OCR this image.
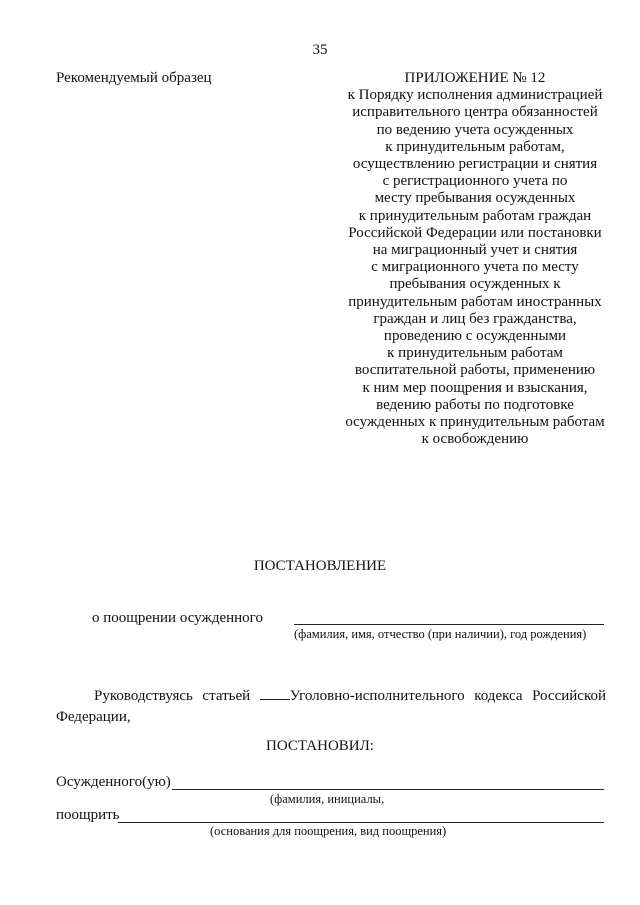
35
Рекомендуемый образец	ПРИЛОЖЕНИЕ № 12
к Порядку исполнения администрацией
исправительного центра обязанностей
по ведению учета осужденных
к принудительным работам,
осуществлению регистрации и снятия
с регистрационного учета по
месту пребывания осужденных
к принудительным работам граждан
Российской Федерации или постановки
на миграционный учет и снятия
с миграционного учета по месту
пребывания осужденных к
принудительным работам иностранных
граждан и лиц без гражданства,
проведению с осужденными
к принудительным работам
воспитательной работы, применению
к ним мер поощрения и взыскания,
ведению работы по подготовке
осужденных к принудительным работам
к освобождению
ПОСТАНОВЛЕНИЕ
о поощрении осужденного
(фамилия, имя, отчество (при наличии), год рождения)
Руководствуясь статьей	Уголовно-исполнительного кодекса Российской Федерации,
ПОСТАНОВИЛ:
Осужденного(ую)
(фамилия, инициалы,
поощрить
(основания для поощрения, вид поощрения)
